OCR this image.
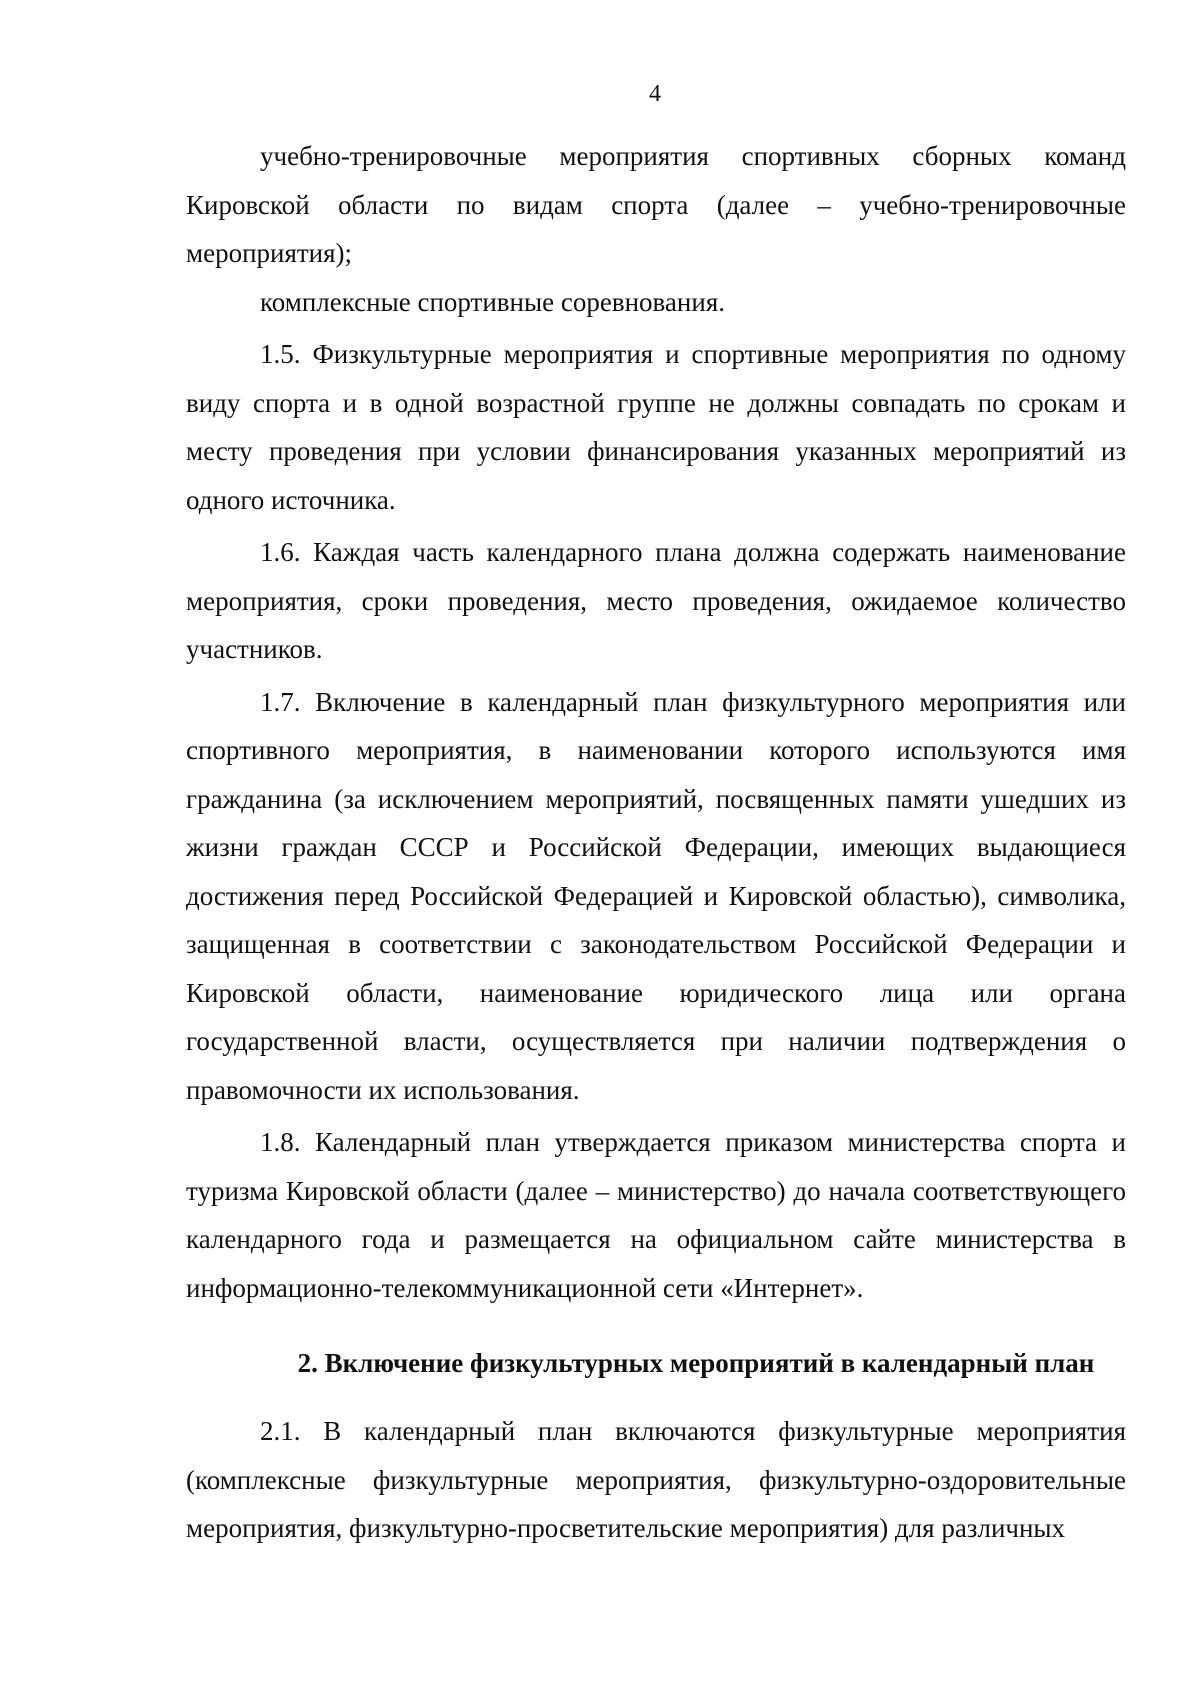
4

учебно-тренировочные мероприятия спортивных сборных команд Кировской области по видам спорта (далее – учебно-тренировочные мероприятия);

комплексные спортивные соревнования.

1.5. Физкультурные мероприятия и спортивные мероприятия по одному виду спорта и в одной возрастной группе не должны совпадать по срокам и месту проведения при условии финансирования указанных мероприятий из одного источника.

1.6. Каждая часть календарного плана должна содержать наименование мероприятия, сроки проведения, место проведения, ожидаемое количество участников.

1.7. Включение в календарный план физкультурного мероприятия или спортивного мероприятия, в наименовании которого используются имя гражданина (за исключением мероприятий, посвященных памяти ушедших из жизни граждан СССР и Российской Федерации, имеющих выдающиеся достижения перед Российской Федерацией и Кировской областью), символика, защищенная в соответствии с законодательством Российской Федерации и Кировской области, наименование юридического лица или органа государственной власти, осуществляется при наличии подтверждения о правомочности их использования.

1.8. Календарный план утверждается приказом министерства спорта и туризма Кировской области (далее – министерство) до начала соответствующего календарного года и размещается на официальном сайте министерства в информационно-телекоммуникационной сети «Интернет».

2. Включение физкультурных мероприятий в календарный план

2.1. В календарный план включаются физкультурные мероприятия (комплексные физкультурные мероприятия, физкультурно-оздоровительные мероприятия, физкультурно-просветительские мероприятия) для различных
